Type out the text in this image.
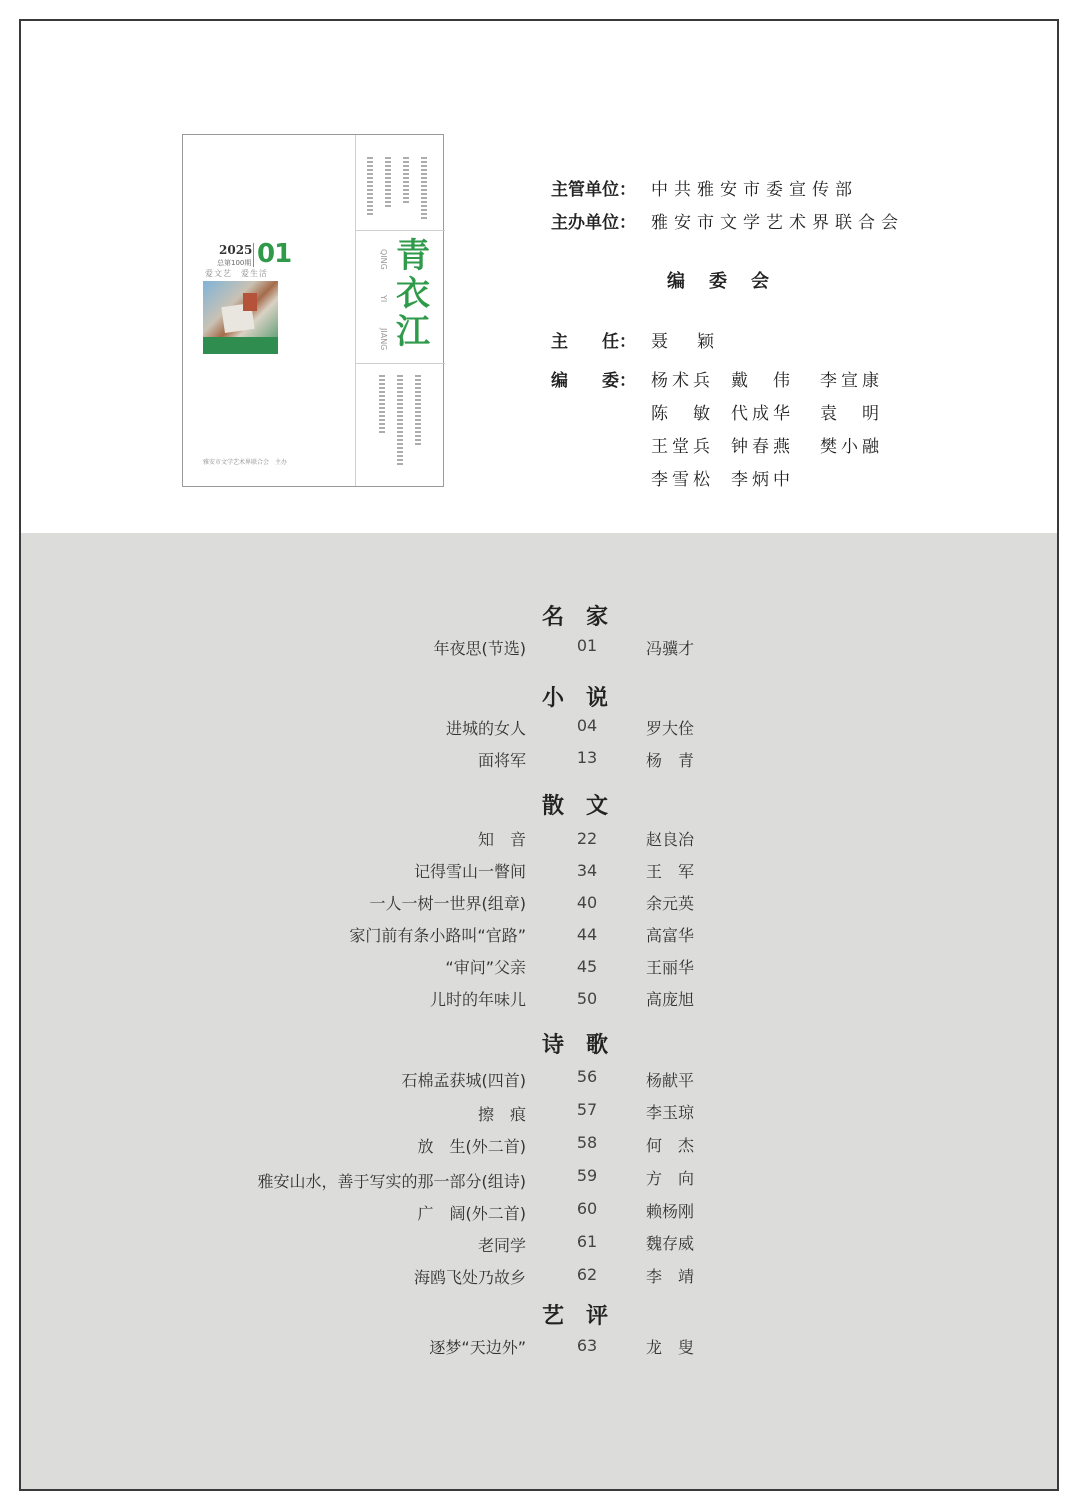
2025 01
总第100期
爱文艺　爱生活
QING
YI
JIANG
青
衣
江
雅安市文学艺术界联合会　主办
主管单位： 中共雅安市委宣传部
主办单位： 雅安市文学艺术界联合会
编委会
主　　任： 聂　颖
编　　委： 杨术兵 戴　伟 李宣康
陈　敏 代成华 袁　明
王堂兵 钟春燕 樊小融
李雪松 李炳中
名家
年夜思(节选)	01	冯骥才
小说
进城的女人	04	罗大佺
面将军	13	杨　青
散文
知　音	22	赵良冶
记得雪山一瞥间	34	王　军
一人一树一世界(组章)	40	余元英
家门前有条小路叫“官路”	44	高富华
“审问”父亲	45	王丽华
儿时的年味儿	50	高庞旭
诗歌
石棉孟获城(四首)	56	杨献平
擦　痕	57	李玉琼
放　生(外二首)	58	何　杰
雅安山水，善于写实的那一部分(组诗)	59	方　向
广　阔(外二首)	60	赖杨刚
老同学	61	魏存威
海鸥飞处乃故乡	62	李　靖
艺评
逐梦“天边外”	63	龙　叟
